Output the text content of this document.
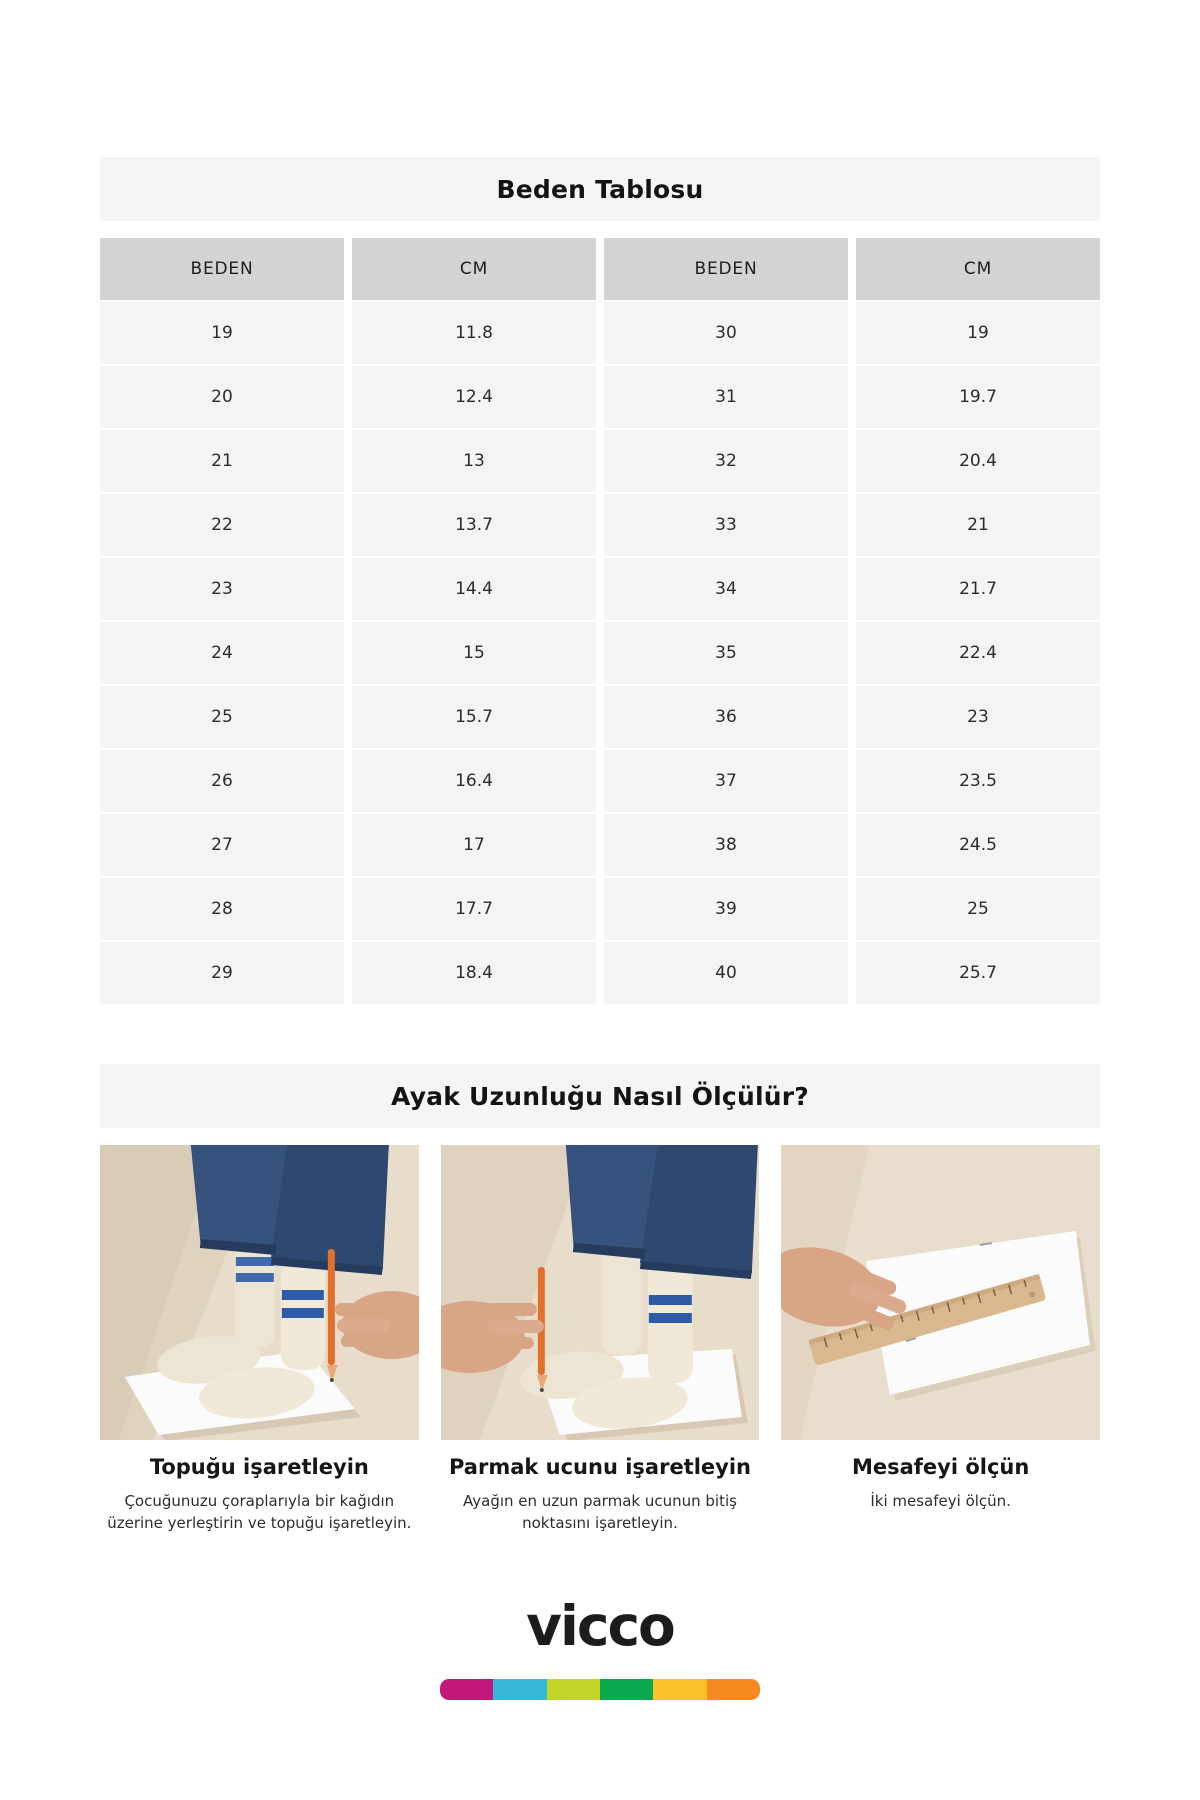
Beden Tablosu
BEDEN	CM	BEDEN	CM
19	11.8	30	19
20	12.4	31	19.7
21	13	32	20.4
22	13.7	33	21
23	14.4	34	21.7
24	15	35	22.4
25	15.7	36	23
26	16.4	37	23.5
27	17	38	24.5
28	17.7	39	25
29	18.4	40	25.7
Ayak Uzunluğu Nasıl Ölçülür?
Topuğu işaretleyin

Çocuğunuzu çoraplarıyla bir kağıdın üzerine yerleştirin ve topuğu işaretleyin.

Parmak ucunu işaretleyin

Ayağın en uzun parmak ucunun bitiş noktasını işaretleyin.

Mesafeyi ölçün

İki mesafeyi ölçün.

vicco
